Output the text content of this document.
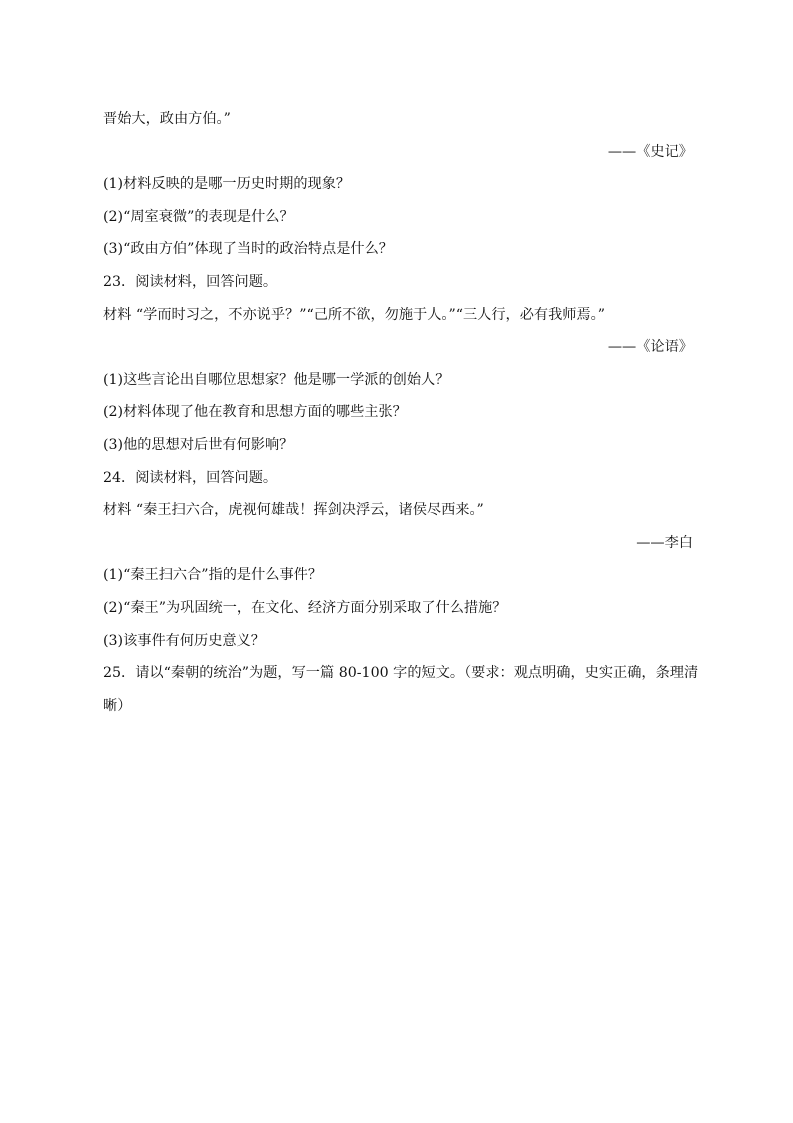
晋始大，政由方伯。”
——《史记》
(1)材料反映的是哪一历史时期的现象？
(2)“周室衰微”的表现是什么？
(3)“政由方伯”体现了当时的政治特点是什么？
23．阅读材料，回答问题。
材料 “学而时习之，不亦说乎？”“己所不欲，勿施于人。”“三人行，必有我师焉。”
——《论语》
(1)这些言论出自哪位思想家？他是哪一学派的创始人？
(2)材料体现了他在教育和思想方面的哪些主张？
(3)他的思想对后世有何影响？
24．阅读材料，回答问题。
材料 “秦王扫六合，虎视何雄哉！挥剑决浮云，诸侯尽西来。”
——李白
(1)“秦王扫六合”指的是什么事件？
(2)“秦王”为巩固统一，在文化、经济方面分别采取了什么措施？
(3)该事件有何历史意义？
25．请以“秦朝的统治”为题，写一篇 80-100 字的短文。（要求：观点明确，史实正确，条理清
晰）
